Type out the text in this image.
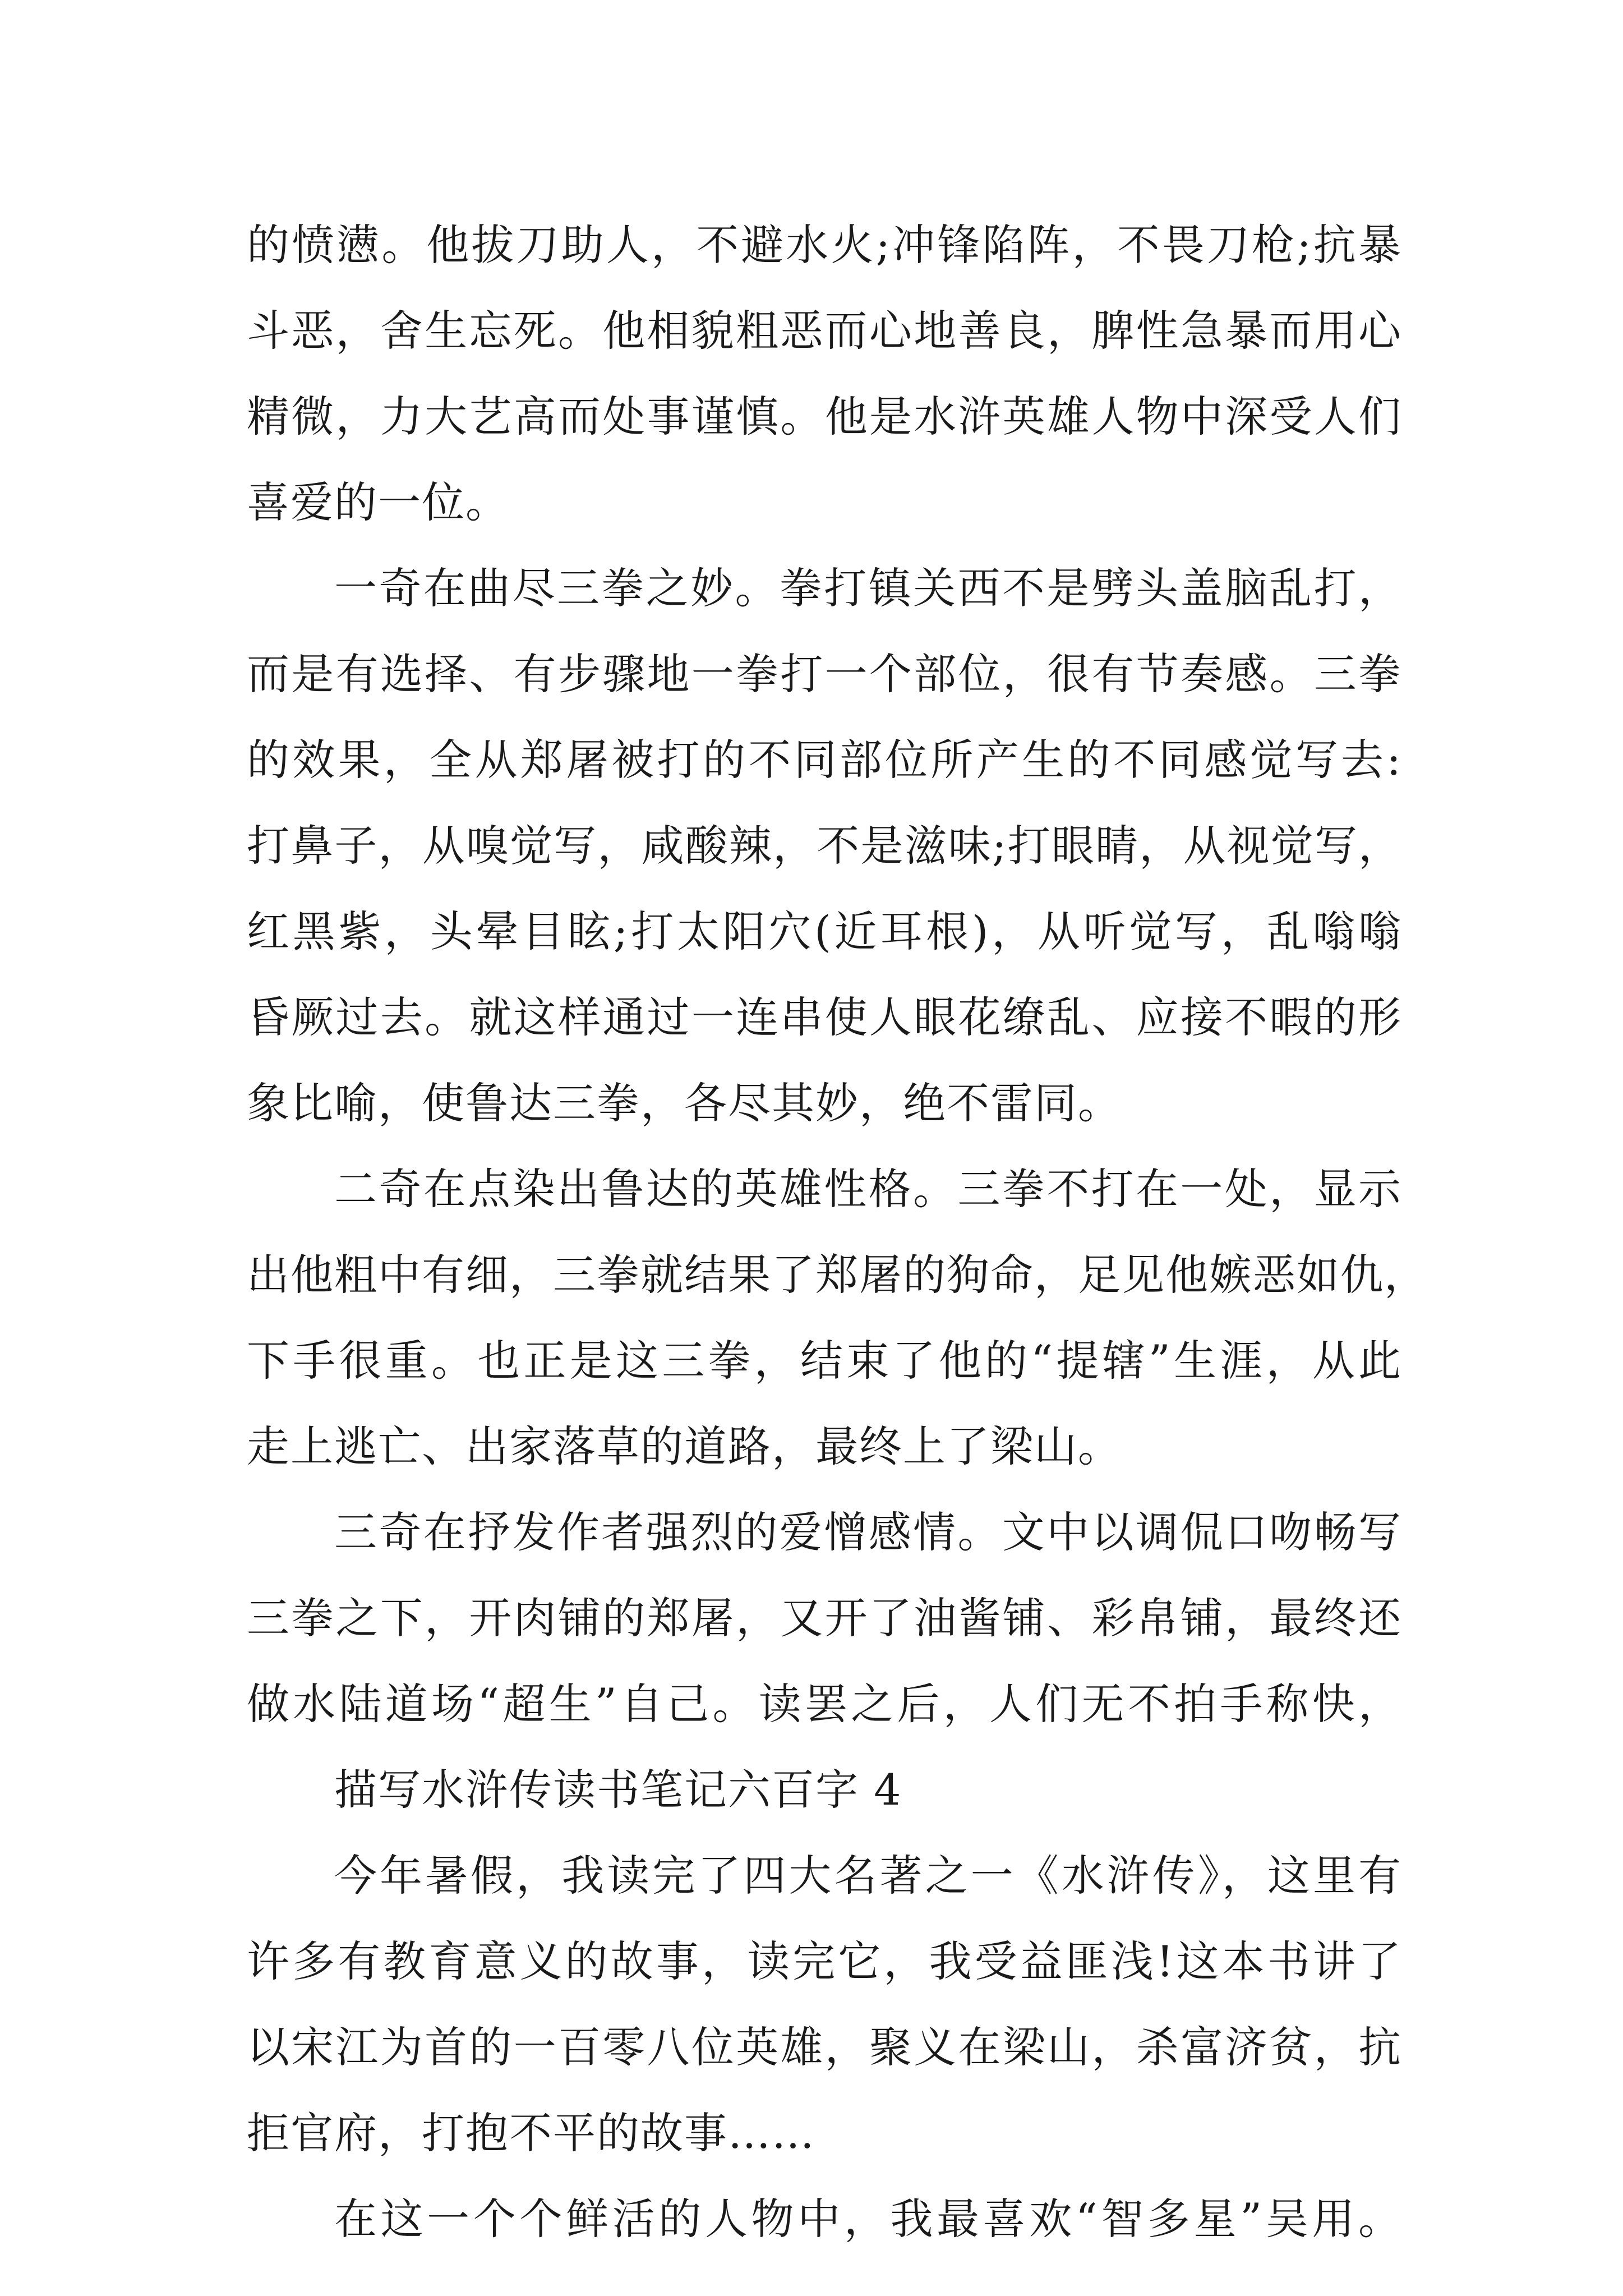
的愤懑。他拔刀助人，不避水火;冲锋陷阵，不畏刀枪;抗暴
斗恶，舍生忘死。他相貌粗恶而心地善良，脾性急暴而用心
精微，力大艺高而处事谨慎。他是水浒英雄人物中深受人们
喜爱的一位。
一奇在曲尽三拳之妙。拳打镇关西不是劈头盖脑乱打，
而是有选择、有步骤地一拳打一个部位，很有节奏感。三拳
的效果，全从郑屠被打的不同部位所产生的不同感觉写去:
打鼻子，从嗅觉写，咸酸辣，不是滋味;打眼睛，从视觉写，
红黑紫，头晕目眩;打太阳穴(近耳根)，从听觉写，乱嗡嗡
昏厥过去。就这样通过一连串使人眼花缭乱、应接不暇的形
象比喻，使鲁达三拳，各尽其妙，绝不雷同。
二奇在点染出鲁达的英雄性格。三拳不打在一处，显示
出他粗中有细，三拳就结果了郑屠的狗命，足见他嫉恶如仇，
下手很重。也正是这三拳，结束了他的“提辖”生涯，从此
走上逃亡、出家落草的道路，最终上了梁山。
三奇在抒发作者强烈的爱憎感情。文中以调侃口吻畅写
三拳之下，开肉铺的郑屠，又开了油酱铺、彩帛铺，最终还
做水陆道场“超生”自己。读罢之后，人们无不拍手称快，
描写水浒传读书笔记六百字 4
今年暑假，我读完了四大名著之一《水浒传》，这里有
许多有教育意义的故事，读完它，我受益匪浅!这本书讲了
以宋江为首的一百零八位英雄，聚义在梁山，杀富济贫，抗
拒官府，打抱不平的故事……
在这一个个鲜活的人物中，我最喜欢“智多星”吴用。
